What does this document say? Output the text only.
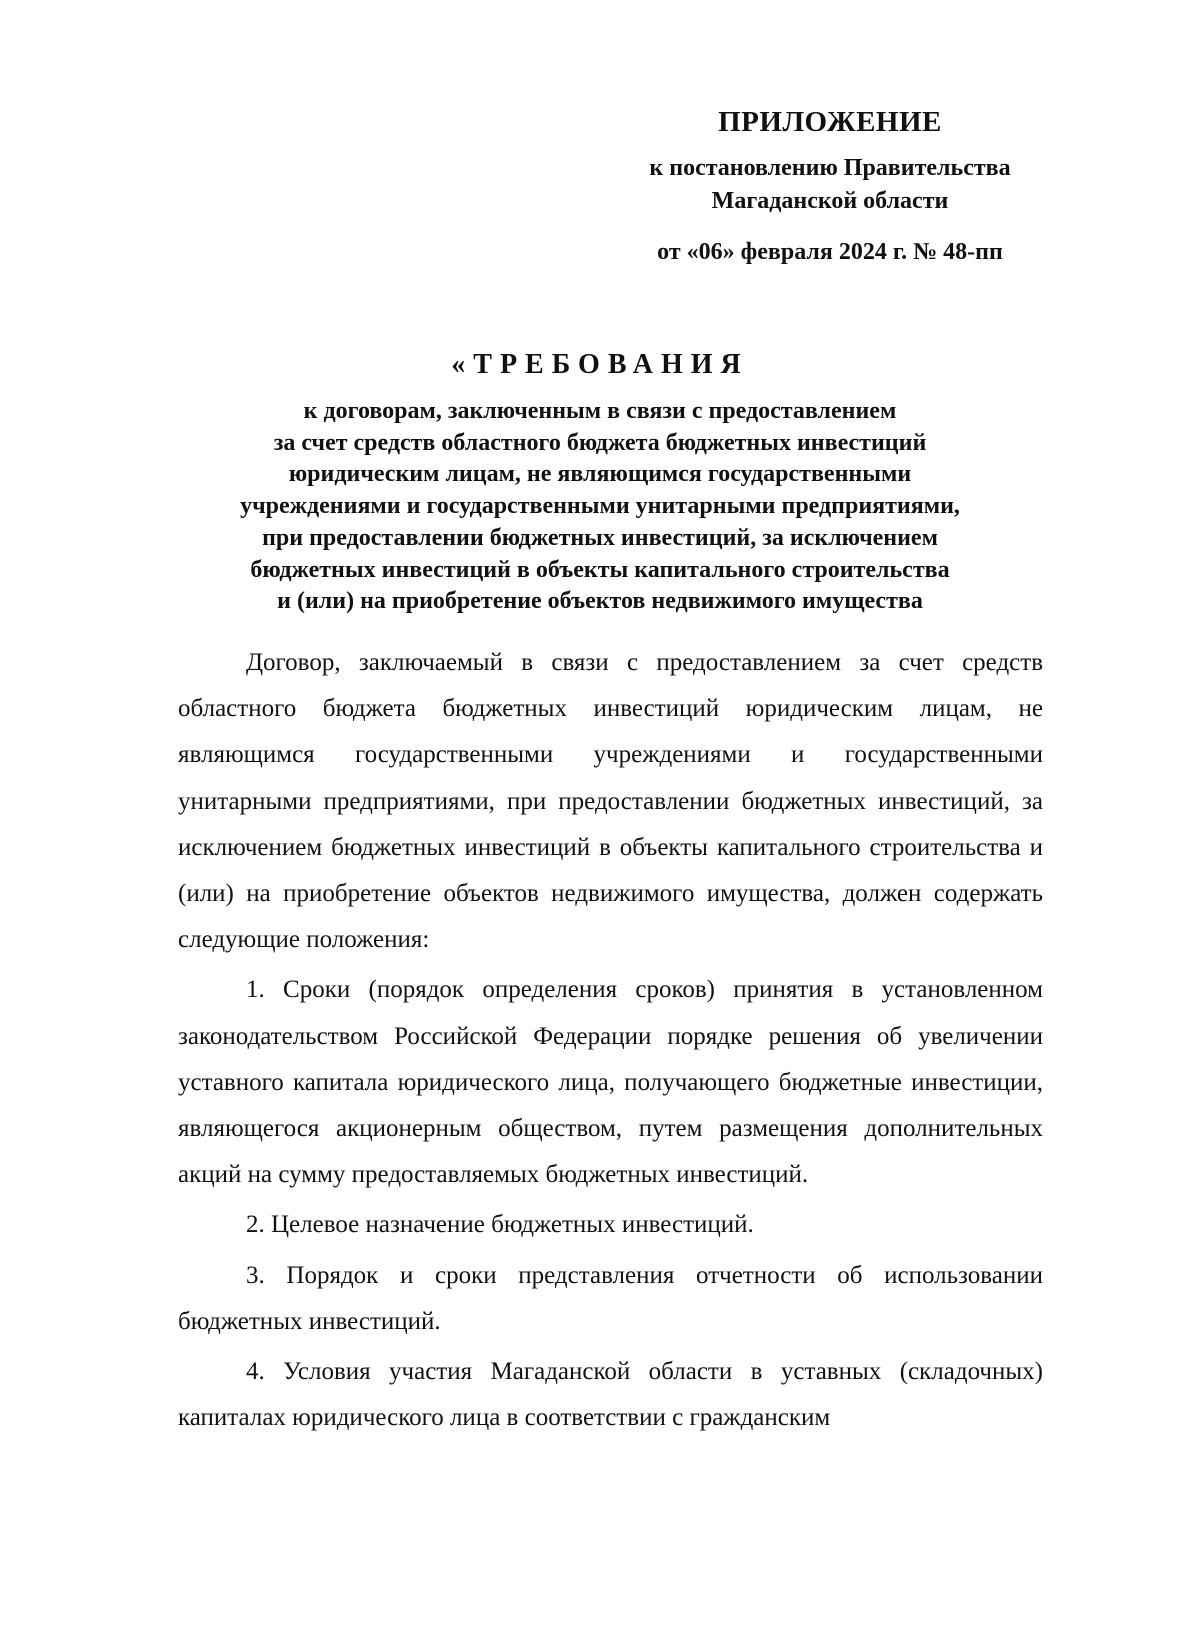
ПРИЛОЖЕНИЕ
к постановлению Правительства
Магаданской области
от «06» февраля 2024 г. № 48-пп
«ТРЕБОВАНИЯ
к договорам, заключенным в связи с предоставлением
за счет средств областного бюджета бюджетных инвестиций
юридическим лицам, не являющимся государственными
учреждениями и государственными унитарными предприятиями,
при предоставлении бюджетных инвестиций, за исключением
бюджетных инвестиций в объекты капитального строительства
и (или) на приобретение объектов недвижимого имущества

Договор, заключаемый в связи с предоставлением за счет средств областного бюджета бюджетных инвестиций юридическим лицам, не являющимся государственными учреждениями и государственными унитарными предприятиями, при предоставлении бюджетных инвестиций, за исключением бюджетных инвестиций в объекты капитального строительства и (или) на приобретение объектов недвижимого имущества, должен содержать следующие положения:

1. Сроки (порядок определения сроков) принятия в установленном законодательством Российской Федерации порядке решения об увеличении уставного капитала юридического лица, получающего бюджетные инвестиции, являющегося акционерным обществом, путем размещения дополнительных акций на сумму предоставляемых бюджетных инвестиций.

2. Целевое назначение бюджетных инвестиций.

3. Порядок и сроки представления отчетности об использовании бюджетных инвестиций.

4. Условия участия Магаданской области в уставных (складочных) капиталах юридического лица в соответствии с гражданским
